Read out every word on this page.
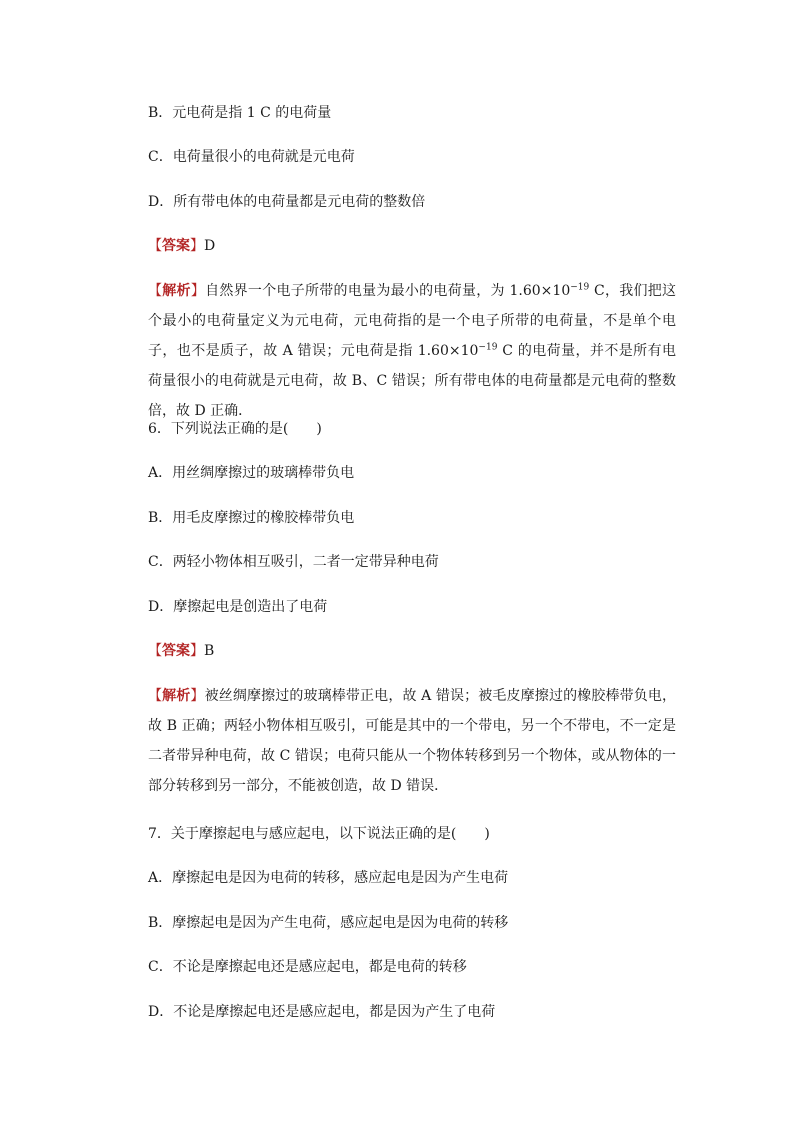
B．元电荷是指 1 C 的电荷量
C．电荷量很小的电荷就是元电荷
D．所有带电体的电荷量都是元电荷的整数倍
【答案】D
【解析】自然界一个电子所带的电量为最小的电荷量，为 $1.60\times 10^{-19}$ C，我们把这个最小的电荷量定义为元电荷，元电荷指的是一个电子所带的电荷量，不是单个电子，也不是质子，故 A 错误；元电荷是指 $1.60\times 10^{-19}$ C 的电荷量，并不是所有电荷量很小的电荷就是元电荷，故 B、C 错误；所有带电体的电荷量都是元电荷的整数倍，故 D 正确．
6．下列说法正确的是(　　)
A．用丝绸摩擦过的玻璃棒带负电
B．用毛皮摩擦过的橡胶棒带负电
C．两轻小物体相互吸引，二者一定带异种电荷
D．摩擦起电是创造出了电荷
【答案】B
【解析】被丝绸摩擦过的玻璃棒带正电，故 A 错误；被毛皮摩擦过的橡胶棒带负电，故 B 正确；两轻小物体相互吸引，可能是其中的一个带电，另一个不带电，不一定是二者带异种电荷，故 C 错误；电荷只能从一个物体转移到另一个物体，或从物体的一部分转移到另一部分，不能被创造，故 D 错误．
7．关于摩擦起电与感应起电，以下说法正确的是(　　)
A．摩擦起电是因为电荷的转移，感应起电是因为产生电荷
B．摩擦起电是因为产生电荷，感应起电是因为电荷的转移
C．不论是摩擦起电还是感应起电，都是电荷的转移
D．不论是摩擦起电还是感应起电，都是因为产生了电荷
